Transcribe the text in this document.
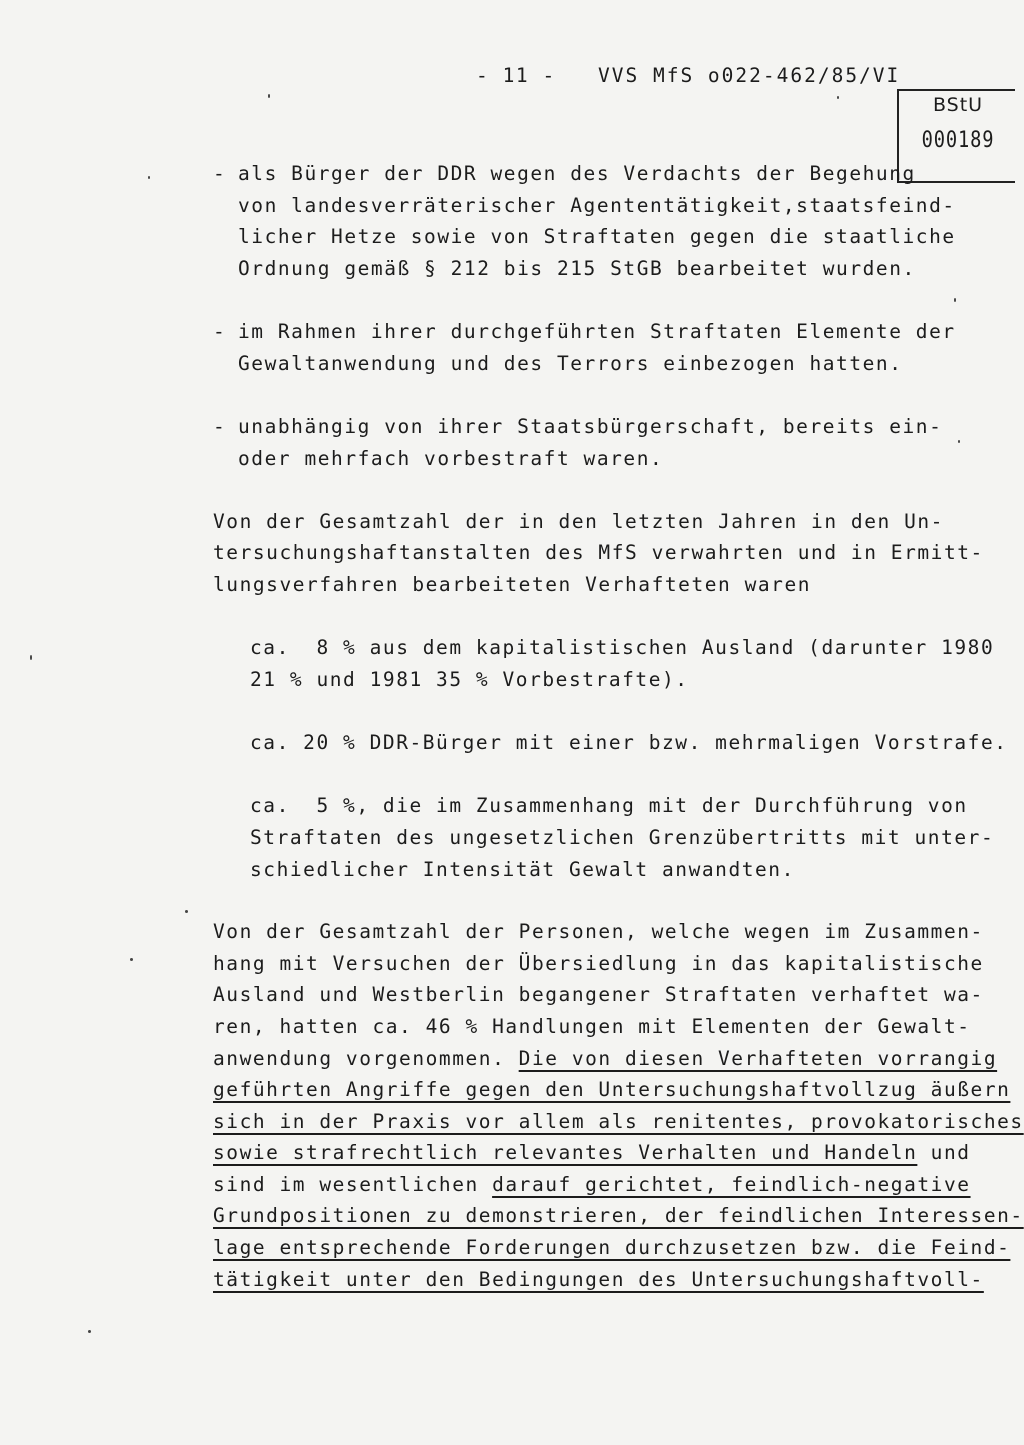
- 11 - VVS MfS o022-462/85/VI
BStU
000189
- als Bürger der DDR wegen des Verdachts der Begehung
von landesverräterischer Agententätigkeit,staatsfeind-
licher Hetze sowie von Straftaten gegen die staatliche
Ordnung gemäß § 212 bis 215 StGB bearbeitet wurden.
- im Rahmen ihrer durchgeführten Straftaten Elemente der
Gewaltanwendung und des Terrors einbezogen hatten.
- unabhängig von ihrer Staatsbürgerschaft, bereits ein-
oder mehrfach vorbestraft waren.
Von der Gesamtzahl der in den letzten Jahren in den Un-
tersuchungshaftanstalten des MfS verwahrten und in Ermitt-
lungsverfahren bearbeiteten Verhafteten waren
ca.  8 % aus dem kapitalistischen Ausland (darunter 1980
21 % und 1981 35 % Vorbestrafte).
ca. 20 % DDR-Bürger mit einer bzw. mehrmaligen Vorstrafe.
ca.  5 %, die im Zusammenhang mit der Durchführung von
Straftaten des ungesetzlichen Grenzübertritts mit unter-
schiedlicher Intensität Gewalt anwandten.
Von der Gesamtzahl der Personen, welche wegen im Zusammen-
hang mit Versuchen der Übersiedlung in das kapitalistische
Ausland und Westberlin begangener Straftaten verhaftet wa-
ren, hatten ca. 46 % Handlungen mit Elementen der Gewalt-
anwendung vorgenommen. Die von diesen Verhafteten vorrangig
geführten Angriffe gegen den Untersuchungshaftvollzug äußern
sich in der Praxis vor allem als renitentes, provokatorisches
sowie strafrechtlich relevantes Verhalten und Handeln und
sind im wesentlichen darauf gerichtet, feindlich-negative
Grundpositionen zu demonstrieren, der feindlichen Interessen-
lage entsprechende Forderungen durchzusetzen bzw. die Feind-
tätigkeit unter den Bedingungen des Untersuchungshaftvoll-
